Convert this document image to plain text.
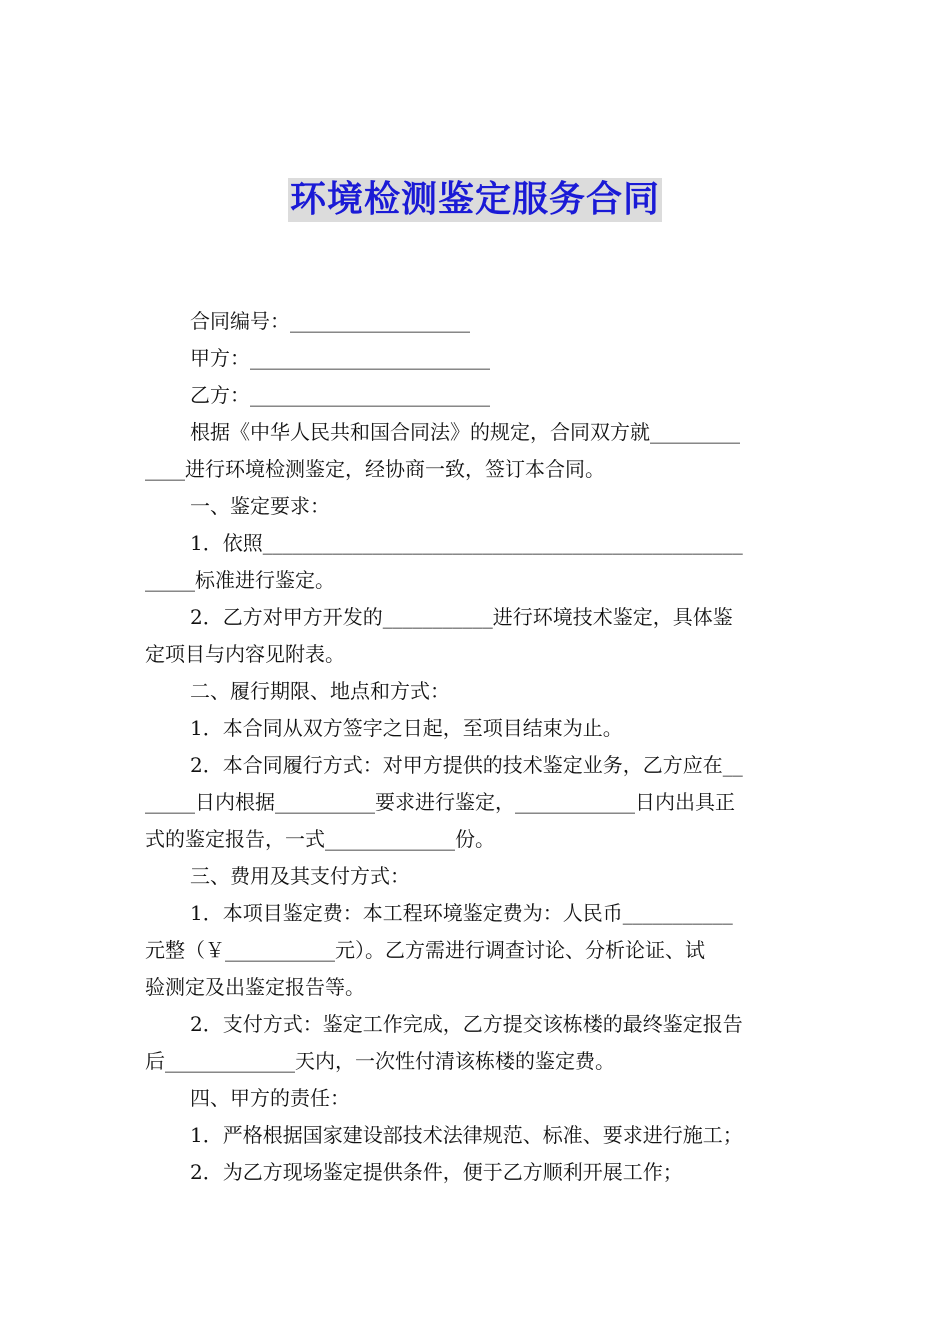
环境检测鉴定服务合同
合同编号：__________________
甲方：________________________
乙方：________________________
根据《中华人民共和国合同法》的规定，合同双方就_________
____进行环境检测鉴定，经协商一致，签订本合同。
一、鉴定要求：
1．依照________________________________________________
_____标准进行鉴定。
2．乙方对甲方开发的___________进行环境技术鉴定，具体鉴
定项目与内容见附表。
二、履行期限、地点和方式：
1．本合同从双方签字之日起，至项目结束为止。
2．本合同履行方式：对甲方提供的技术鉴定业务，乙方应在__
_____日内根据__________要求进行鉴定，____________日内出具正
式的鉴定报告，一式_____________份。
三、费用及其支付方式：
1．本项目鉴定费：本工程环境鉴定费为：人民币___________
元整（￥___________元）。乙方需进行调查讨论、分析论证、试
验测定及出鉴定报告等。
2．支付方式：鉴定工作完成，乙方提交该栋楼的最终鉴定报告
后_____________天内，一次性付清该栋楼的鉴定费。
四、甲方的责任：
1．严格根据国家建设部技术法律规范、标准、要求进行施工；
2．为乙方现场鉴定提供条件，便于乙方顺利开展工作；
